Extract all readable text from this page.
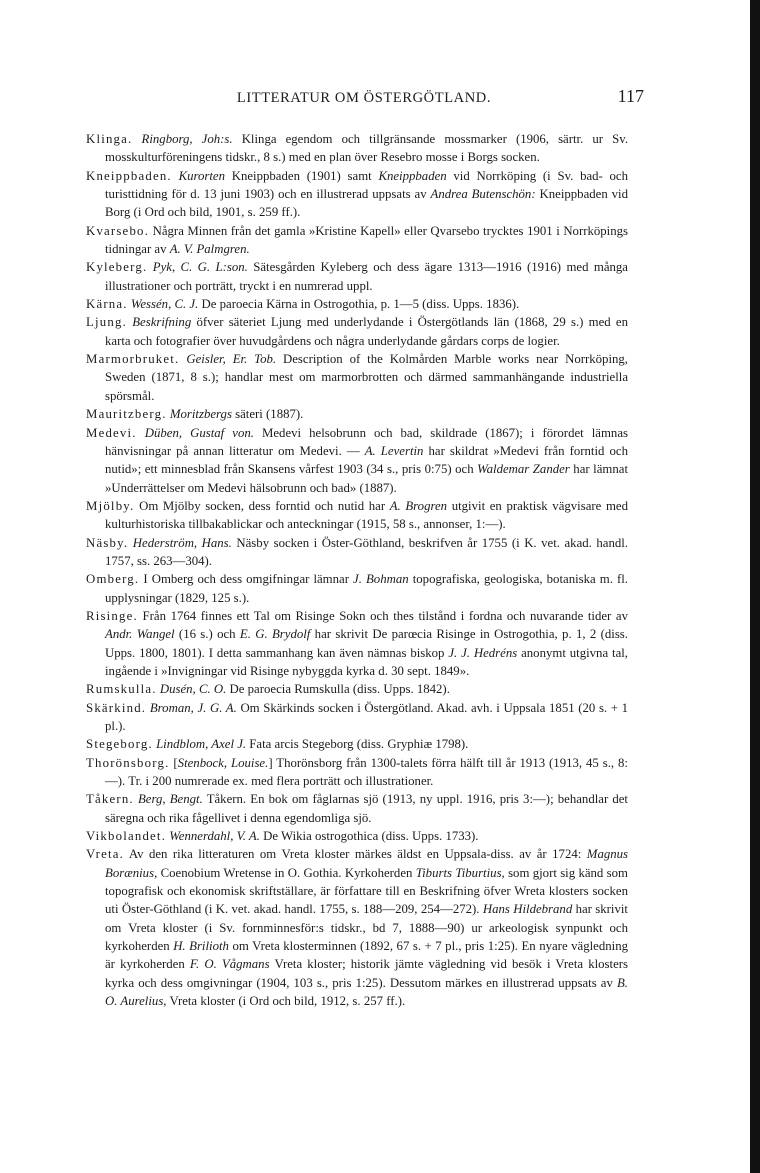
LITTERATUR OM ÖSTERGÖTLAND.	117
Klinga. Ringborg, Joh:s. Klinga egendom och tillgränsande mossmarker (1906, särtr. ur Sv. mosskulturföreningens tidskr., 8 s.) med en plan över Resebro mosse i Borgs socken.
Kneippbaden. Kurorten Kneippbaden (1901) samt Kneippbaden vid Norrköping (i Sv. bad- och turisttidning för d. 13 juni 1903) och en illustrerad uppsats av Andrea Butenschön: Kneippbaden vid Borg (i Ord och bild, 1901, s. 259 ff.).
Kvarsebo. Några Minnen från det gamla »Kristine Kapell» eller Qvarsebo trycktes 1901 i Norrköpings tidningar av A. V. Palmgren.
Kyleberg. Pyk, C. G. L:son. Sätesgården Kyleberg och dess ägare 1313—1916 (1916) med många illustrationer och porträtt, tryckt i en numrerad uppl.
Kärna. Wessén, C. J. De paroecia Kärna in Ostrogothia, p. 1—5 (diss. Upps. 1836).
Ljung. Beskrifning öfver säteriet Ljung med underlydande i Östergötlands län (1868, 29 s.) med en karta och fotografier över huvudgårdens och några underlydande gårdars corps de logier.
Marmorbruket. Geisler, Er. Tob. Description of the Kolmården Marble works near Norrköping, Sweden (1871, 8 s.); handlar mest om marmorbrotten och därmed sammanhängande industriella spörsmål.
Mauritzberg. Moritzbergs säteri (1887).
Medevi. Düben, Gustaf von. Medevi helsobrunn och bad, skildrade (1867); i förordet lämnas hänvisningar på annan litteratur om Medevi. — A. Levertin har skildrat »Medevi från forntid och nutid»; ett minnesblad från Skansens vårfest 1903 (34 s., pris 0:75) och Waldemar Zander har lämnat »Underrättelser om Medevi hälsobrunn och bad» (1887).
Mjölby. Om Mjölby socken, dess forntid och nutid har A. Brogren utgivit en praktisk vägvisare med kulturhistoriska tillbakablickar och anteckningar (1915, 58 s., annonser, 1:—).
Näsby. Hederström, Hans. Näsby socken i Öster-Göthland, beskrifven år 1755 (i K. vet. akad. handl. 1757, ss. 263—304).
Omberg. I Omberg och dess omgifningar lämnar J. Bohman topografiska, geologiska, botaniska m. fl. upplysningar (1829, 125 s.).
Risinge. Från 1764 finnes ett Tal om Risinge Sokn och thes tilstånd i fordna och nuvarande tider av Andr. Wangel (16 s.) och E. G. Brydolf har skrivit De parœcia Risinge in Ostrogothia, p. 1, 2 (diss. Upps. 1800, 1801). I detta sammanhang kan även nämnas biskop J. J. Hedréns anonymt utgivna tal, ingående i »Invigningar vid Risinge nybyggda kyrka d. 30 sept. 1849».
Rumskulla. Dusén, C. O. De paroecia Rumskulla (diss. Upps. 1842).
Skärkind. Broman, J. G. A. Om Skärkinds socken i Östergötland. Akad. avh. i Uppsala 1851 (20 s. + 1 pl.).
Stegeborg. Lindblom, Axel J. Fata arcis Stegeborg (diss. Gryphiæ 1798).
Thorönsborg. [Stenbock, Louise.] Thorönsborg från 1300-talets förra hälft till år 1913 (1913, 45 s., 8:—). Tr. i 200 numrerade ex. med flera porträtt och illustrationer.
Tåkern. Berg, Bengt. Tåkern. En bok om fåglarnas sjö (1913, ny uppl. 1916, pris 3:—); behandlar det säregna och rika fågellivet i denna egendomliga sjö.
Vikbolandet. Wennerdahl, V. A. De Wikia ostrogothica (diss. Upps. 1733).
Vreta. Av den rika litteraturen om Vreta kloster märkes äldst en Uppsala-diss. av år 1724: Magnus Borænius, Coenobium Wretense in O. Gothia. Kyrkoherden Tiburts Tiburtius, som gjort sig känd som topografisk och ekonomisk skriftställare, är författare till en Beskrifning öfver Wreta klosters socken uti Öster-Göthland (i K. vet. akad. handl. 1755, s. 188—209, 254—272). Hans Hildebrand har skrivit om Vreta kloster (i Sv. fornminnesför:s tidskr., bd 7, 1888—90) ur arkeologisk synpunkt och kyrkoherden H. Brilioth om Vreta klosterminnen (1892, 67 s. + 7 pl., pris 1:25). En nyare vägledning är kyrkoherden F. O. Vågmans Vreta kloster; historik jämte vägledning vid besök i Vreta klosters kyrka och dess omgivningar (1904, 103 s., pris 1:25). Dessutom märkes en illustrerad uppsats av B. O. Aurelius, Vreta kloster (i Ord och bild, 1912, s. 257 ff.).
